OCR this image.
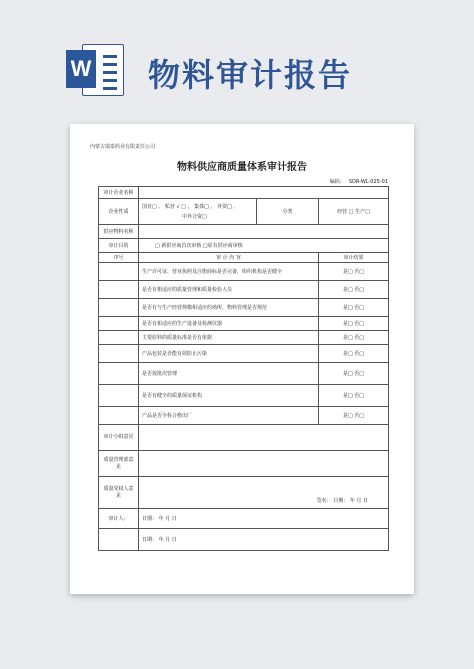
W 物料审计报告
内蒙古瑞泰药业有限责任公司
物料供应商质量体系审计报告
编码： SOR-WL-025-01
审计企业名称			
企业性质	国有□ 、 私营 √ □ 、 集体□ 、 外资□ 、
中外合资□	分类	经营 □ 生产□
供应物料名称			
审计目的	□ 新供应商首次审核 □原有供应商审核		
序号	审 计 内 容		审计结果
	生产许可证、营业执照及注册商标是否完备，组织机构是否健全		是□ 否□
	是否有相适应的质量管理和质量检验人员		是□ 否□
	是否有与生产经营规模相适应的场所，物料管理是否规范		是□ 否□
	是否有相适应的生产设备及检测仪器		是□ 否□
	主要原料的质量标准是否有依据		是□ 否□
	产品包装是否能有效防止污染		是□ 否□
	是否按批次管理		是□ 否□
	是否有健全的质量保证机构		是□ 否□
	产品是否全检合格出厂		是□ 否□
审计小组意见			
质量管理部意见			
质量受权人意见	签名： 日期： 年 月 日		
审计人：	日期： 年 月 日		
	日期： 年 月 日		
